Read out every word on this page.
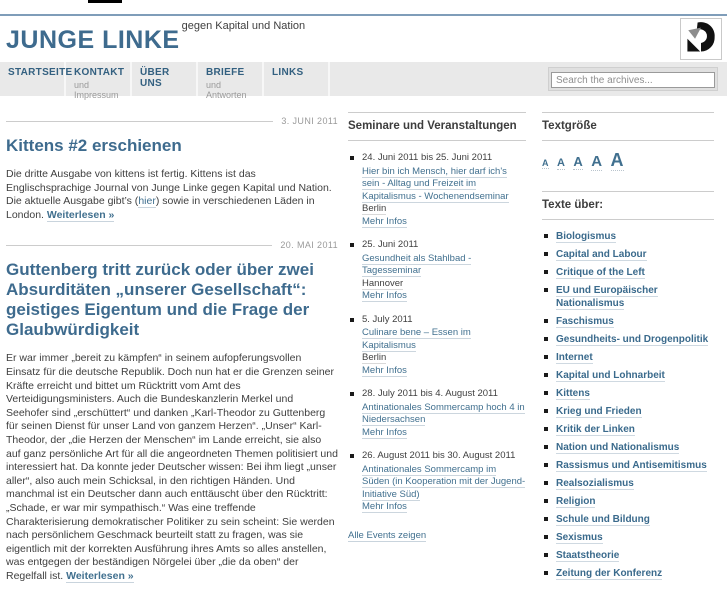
JUNGE LINKE gegen Kapital und Nation
STARTSEITE KONTAKT
und Impressum
ÜBER UNS
BRIEFE
und Antworten
LINKS
Search the archives...
3. JUNI 2011
Kittens #2 erschienen

Die dritte Ausgabe von kittens ist fertig. Kittens ist das Englischsprachige Journal von Junge Linke gegen Kapital und Nation. Die aktuelle Ausgabe gibt’s (hier) sowie in verschiedenen Läden in London. Weiterlesen »

20. MAI 2011
Guttenberg tritt zurück oder über zwei Absurditäten „unserer Gesellschaft“: geistiges Eigentum und die Frage der Glaubwürdigkeit

Er war immer „bereit zu kämpfen“ in seinem aufopferungsvollen Einsatz für die deutsche Republik. Doch nun hat er die Grenzen seiner Kräfte erreicht und bittet um Rücktritt vom Amt des Verteidigungsministers. Auch die Bundeskanzlerin Merkel und Seehofer sind „erschüttert“ und danken „Karl-Theodor zu Guttenberg für seinen Dienst für unser Land von ganzem Herzen“. „Unser“ Karl-Theodor, der „die Herzen der Menschen“ im Lande erreicht, sie also auf ganz persönliche Art für all die angeordneten Themen politisiert und interessiert hat. Da konnte jeder Deutscher wissen: Bei ihm liegt „unser aller“, also auch mein Schicksal, in den richtigen Händen. Und manchmal ist ein Deutscher dann auch enttäuscht über den Rücktritt: „Schade, er war mir sympathisch.“ Was eine treffende Charakterisierung demokratischer Politiker zu sein scheint: Sie werden nach persönlichem Geschmack beurteilt statt zu fragen, was sie eigentlich mit der korrekten Ausführung ihres Amts so alles anstellen, was entgegen der beständigen Nörgelei über „die da oben“ der Regelfall ist. Weiterlesen »

Seminare und Veranstaltungen
24. Juni 2011 bis 25. Juni 2011
Hier bin ich Mensch, hier darf ich's sein - Alltag und Freizeit im Kapitalismus - Wochenendseminar
Berlin
Mehr Infos
25. Juni 2011
Gesundheit als Stahlbad - Tagesseminar
Hannover
Mehr Infos
5. July 2011
Culinare bene – Essen im Kapitalismus
Berlin
Mehr Infos
28. July 2011 bis 4. August 2011
Antinationales Sommercamp hoch 4 in Niedersachsen
Mehr Infos
26. August 2011 bis 30. August 2011
Antinationales Sommercamp im Süden (in Kooperation mit der Jugend-Initiative Süd)
Mehr Infos
Alle Events zeigen
Textgröße
A A A A A
Texte über:
Biologismus
Capital and Labour
Critique of the Left
EU und Europäischer Nationalismus
Faschismus
Gesundheits- und Drogenpolitik
Internet
Kapital und Lohnarbeit
Kittens
Krieg und Frieden
Kritik der Linken
Nation und Nationalismus
Rassismus und Antisemitismus
Realsozialismus
Religion
Schule und Bildung
Sexismus
Staatstheorie
Zeitung der Konferenz
